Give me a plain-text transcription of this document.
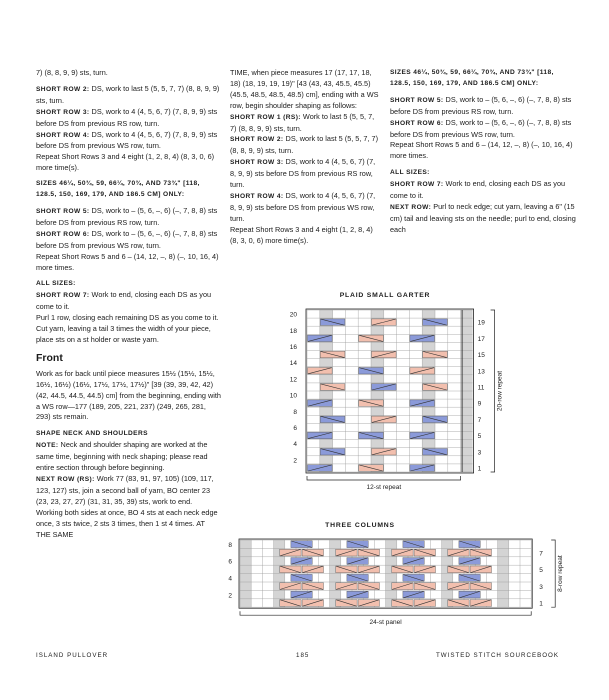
7) (8, 8, 9, 9) sts, turn.

SHORT ROW 2: DS, work to last 5 (5, 5, 7, 7) (8, 8, 9, 9) sts, turn.
SHORT ROW 3: DS, work to 4 (4, 5, 6, 7) (7, 8, 9, 9) sts before DS from previous RS row, turn.
SHORT ROW 4: DS, work to 4 (4, 5, 6, 7) (7, 8, 9, 9) sts before DS from previous WS row, turn.
Repeat Short Rows 3 and 4 eight (1, 2, 8, 4) (8, 3, 0, 6) more time(s).

SIZES 46¼, 50¾, 59, 66¼, 70¾, AND 73¾" [118, 128.5, 150, 169, 179, AND 186.5 CM] ONLY:

SHORT ROW 5: DS, work to – (5, 6, –, 6) (–, 7, 8, 8) sts before DS from previous RS row, turn.
SHORT ROW 6: DS, work to – (5, 6, –, 6) (–, 7, 8, 8) sts before DS from previous WS row, turn.
Repeat Short Rows 5 and 6 – (14, 12, –, 8) (–, 10, 16, 4) more times.

ALL SIZES:
SHORT ROW 7: Work to end, closing each DS as you come to it.
Purl 1 row, closing each remaining DS as you come to it. Cut yarn, leaving a tail 3 times the width of your piece, place sts on a st holder or waste yarn.

Front

Work as for back until piece measures 15½ (15½, 15½, 16½, 16½) (16½, 17½, 17½, 17½)" [39 (39, 39, 42, 42) (42, 44.5, 44.5, 44.5) cm] from the beginning, ending with a WS row—177 (189, 205, 221, 237) (249, 265, 281, 293) sts remain.

SHAPE NECK AND SHOULDERS
NOTE: Neck and shoulder shaping are worked at the same time, beginning with neck shaping; please read entire section through before beginning.
NEXT ROW (RS): Work 77 (83, 91, 97, 105) (109, 117, 123, 127) sts, join a second ball of yarn, BO center 23 (23, 23, 27, 27) (31, 31, 35, 39) sts, work to end.
Working both sides at once, BO 4 sts at each neck edge once, 3 sts twice, 2 sts 3 times, then 1 st 4 times. AT THE SAME

TIME, when piece measures 17 (17, 17, 18, 18) (18, 19, 19, 19)" [43 (43, 43, 45.5, 45.5) (45.5, 48.5, 48.5, 48.5) cm], ending with a WS row, begin shoulder shaping as follows:
SHORT ROW 1 (RS): Work to last 5 (5, 5, 7, 7) (8, 8, 9, 9) sts, turn.
SHORT ROW 2: DS, work to last 5 (5, 5, 7, 7) (8, 8, 9, 9) sts, turn.
SHORT ROW 3: DS, work to 4 (4, 5, 6, 7) (7, 8, 9, 9) sts before DS from previous RS row, turn.
SHORT ROW 4: DS, work to 4 (4, 5, 6, 7) (7, 8, 9, 9) sts before DS from previous WS row, turn.
Repeat Short Rows 3 and 4 eight (1, 2, 8, 4) (8, 3, 0, 6) more time(s).

SIZES 46¼, 50¾, 59, 66¼, 70¾, AND 73¾" [118, 128.5, 150, 169, 179, AND 186.5 CM] ONLY:

SHORT ROW 5: DS, work to – (5, 6, –, 6) (–, 7, 8, 8) sts before DS from previous RS row, turn.
SHORT ROW 6: DS, work to – (5, 6, –, 6) (–, 7, 8, 8) sts before DS from previous WS row, turn.
Repeat Short Rows 5 and 6 – (14, 12, –, 8) (–, 10, 16, 4) more times.

ALL SIZES:
SHORT ROW 7: Work to end, closing each DS as you come to it.
NEXT ROW: Purl to neck edge; cut yarn, leaving a 6" (15 cm) tail and leaving sts on the needle; purl to end, closing each

PLAID SMALL GARTER
20
18
16
14
12
10
8
6
4
2
19
17
15
13
11
9
7
5
3
1
12-st repeat
20-row repeat
THREE COLUMNS
8
6
4
2
7
5
3
1
24-st panel
8-row repeat
ISLAND PULLOVER	185	TWISTED STITCH SOURCEBOOK
